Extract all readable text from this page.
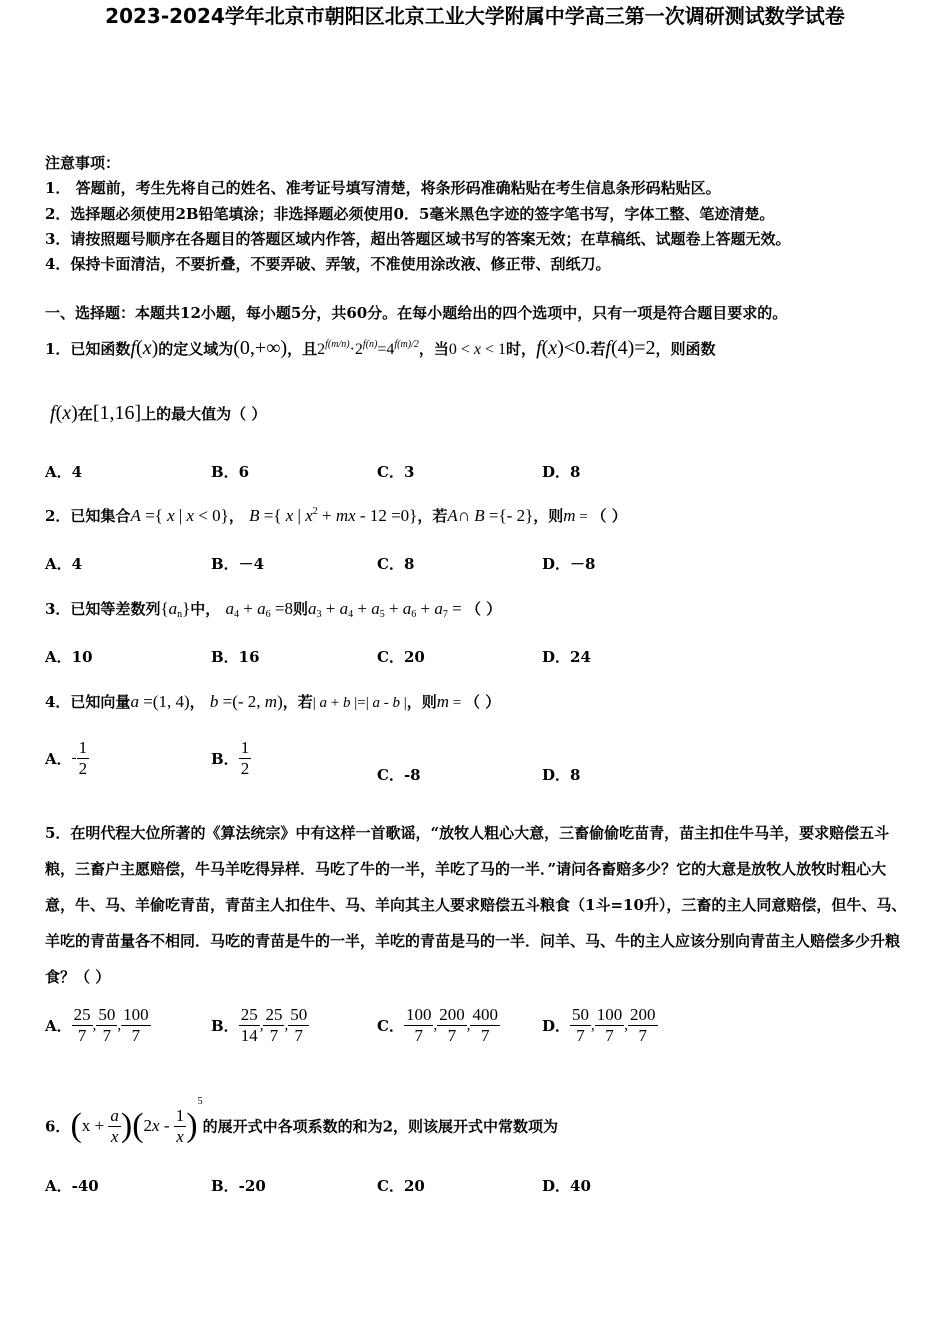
2023-2024学年北京市朝阳区北京工业大学附属中学高三第一次调研测试数学试卷
注意事项：
1． 答题前，考生先将自己的姓名、准考证号填写清楚，将条形码准确粘贴在考生信息条形码粘贴区。
2．选择题必须使用2B铅笔填涂；非选择题必须使用0．5毫米黑色字迹的签字笔书写，字体工整、笔迹清楚。
3．请按照题号顺序在各题目的答题区域内作答，超出答题区域书写的答案无效；在草稿纸、试题卷上答题无效。
4．保持卡面清洁，不要折叠，不要弄破、弄皱，不准使用涂改液、修正带、刮纸刀。
一、选择题：本题共12小题，每小题5分，共60分。在每小题给出的四个选项中，只有一项是符合题目要求的。
1．已知函数f(x)的定义域为(0,+∞)，且$2^{f(m/n)}\cdot 2^{f(n)}=4^{f(m)/2}$，当0 < x < 1时，f(x)<0.若f(4)=2，则函数
f(x)在[1,16]上的最大值为（ ）
A．4	B．6	C．3	D．8
2．已知集合A ={ x | x < 0}， B ={ x | $x^2$ + mx - 12 =0}，若A∩ B ={- 2}，则m = （ ）
A．4	B．－4	C．8	D．－8
3．已知等差数列$\{a_n\}$中， $a_4 + a_6 =8$则$a_3 + a_4 + a_5 + a_6 + a_7$ = （ ）
A．10	B．16	C．20	D．24
4．已知向量a =(1, 4)， b =(- 2, m)，若| a + b |=| a - b |，则m = （ ）
A．- $\frac{1}{2}$	B． $\frac{1}{2}$	C．-8	D．8
5．在明代程大位所著的《算法统宗》中有这样一首歌谣，“放牧人粗心大意，三畜偷偷吃苗青，苗主扣住牛马羊，要求赔偿五斗粮，三畜户主愿赔偿，牛马羊吃得异样．马吃了牛的一半，羊吃了马的一半．”请问各畜赔多少？它的大意是放牧人放牧时粗心大意，牛、马、羊偷吃青苗，青苗主人扣住牛、马、羊向其主人要求赔偿五斗粮食（1斗=10升），三畜的主人同意赔偿，但牛、马、羊吃的青苗量各不相同．马吃的青苗是牛的一半，羊吃的青苗是马的一半．问羊、马、牛的主人应该分别向青苗主人赔偿多少升粮食？（ ）
A． $\frac{25}{7}$ , $\frac{50}{7}$ , $\frac{100}{7}$	B． $\frac{25}{14}$ , $\frac{25}{7}$ , $\frac{50}{7}$	C． $\frac{100}{7}$ , $\frac{200}{7}$ , $\frac{400}{7}$	D． $\frac{50}{7}$ , $\frac{100}{7}$ , $\frac{200}{7}$
6．$(x + \frac{a}{x} )(2x - \frac{1}{x} )^5$的展开式中各项系数的和为2，则该展开式中常数项为
A．-40	B．-20	C．20	D．40
